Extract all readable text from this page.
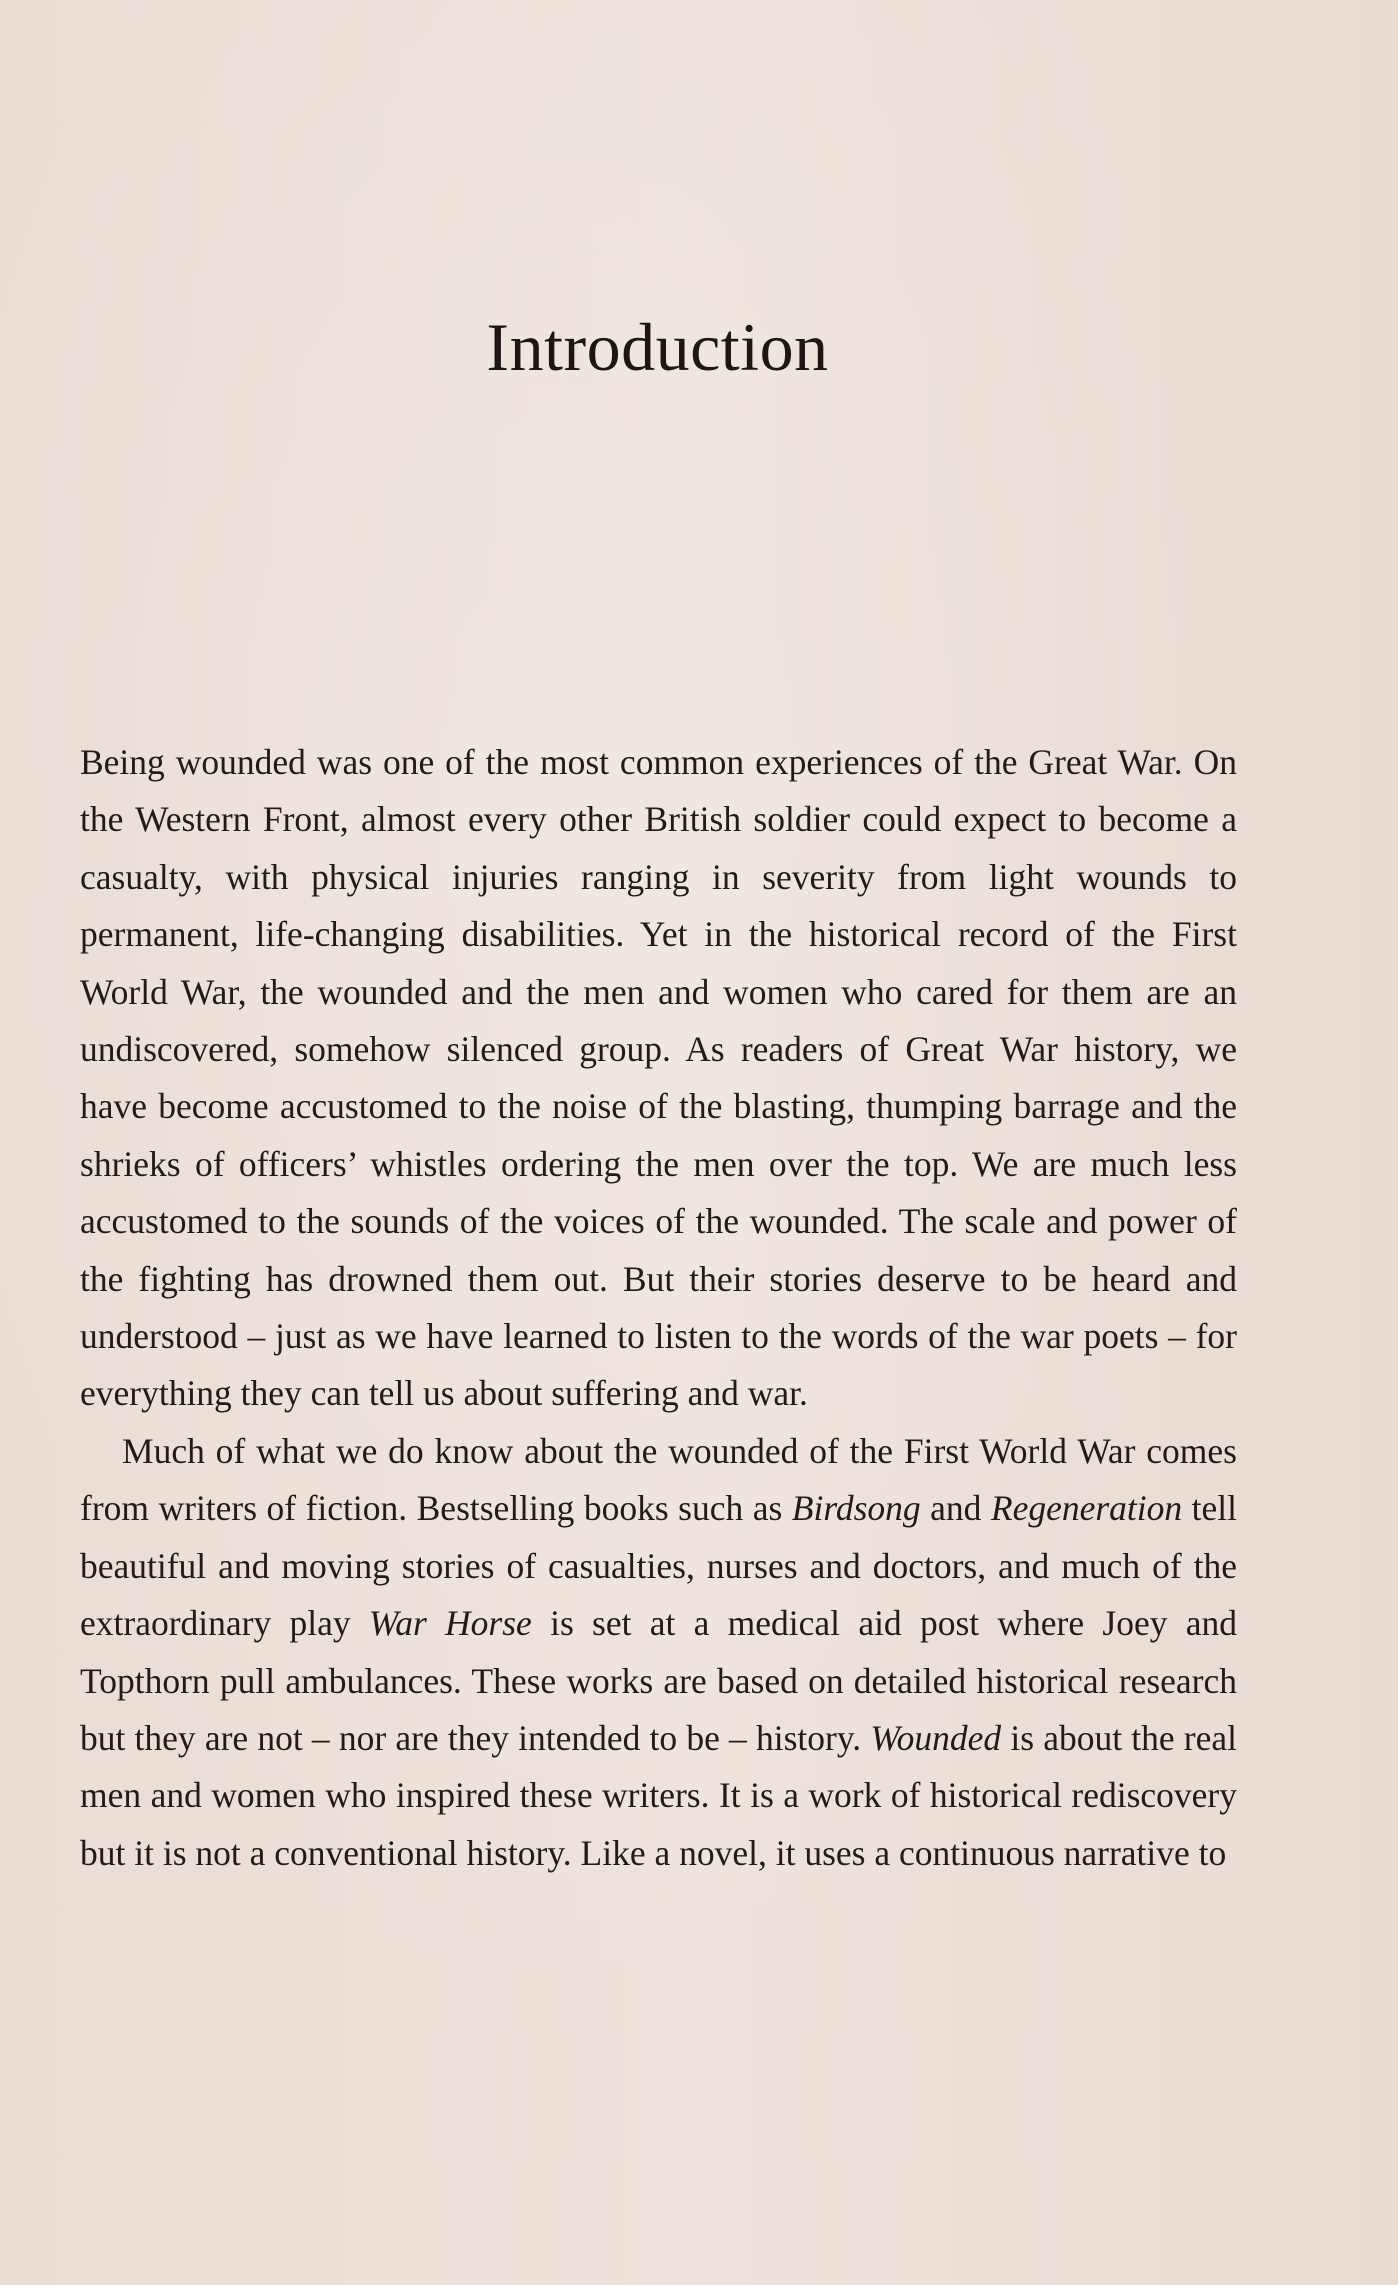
Introduction

Being wounded was one of the most common experiences of the Great War. On the Western Front, almost every other British soldier could expect to become a casualty, with physical injuries ranging in severity from light wounds to permanent, life-changing disabilities. Yet in the historical record of the First World War, the wounded and the men and women who cared for them are an undiscovered, somehow silenced group. As readers of Great War history, we have become accustomed to the noise of the blasting, thumping barrage and the shrieks of officers’ whistles ordering the men over the top. We are much less accustomed to the sounds of the voices of the wounded. The scale and power of the fighting has drowned them out. But their stories deserve to be heard and understood – just as we have learned to listen to the words of the war poets – for everything they can tell us about suffering and war.

Much of what we do know about the wounded of the First World War comes from writers of fiction. Bestselling books such as Birdsong and Regeneration tell beautiful and moving stories of casualties, nurses and doctors, and much of the extraordinary play War Horse is set at a medical aid post where Joey and Topthorn pull ambulances. These works are based on detailed historical research but they are not – nor are they intended to be – history. Wounded is about the real men and women who inspired these writers. It is a work of historical rediscovery but it is not a conventional history. Like a novel, it uses a continuous narrative to
